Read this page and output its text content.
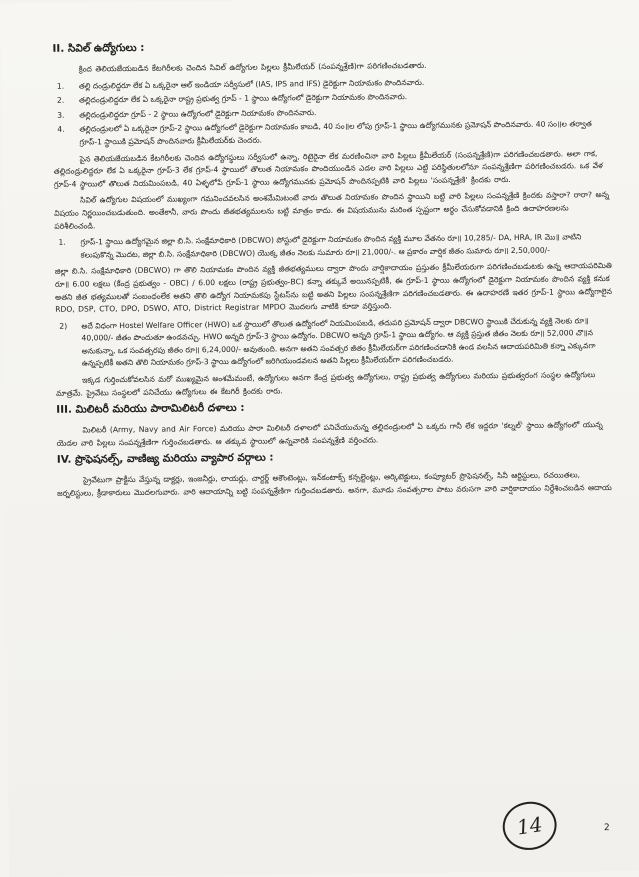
II. సివిల్ ఉద్యోగులు :

క్రింద తెలియజేయబడిన కేటగిరీలకు చెందిన సివిల్ ఉద్యోగుల పిల్లలు క్రీమీలేయర్ (సంపన్నశ్రేణి)గా పరిగణించబడతారు.

1. తల్లి దండ్రులిద్దరూ లేక ఏ ఒక్కరైనా ఆల్ ఇండియా సర్వీసులో (IAS, IPS and IFS) డైరెక్టుగా నియామకం పొందినవారు.
2. తల్లిదండ్రులిద్దరూ లేక ఏ ఒక్కరైనా రాష్ట్ర ప్రభుత్వ గ్రూప్ - 1 స్థాయి ఉద్యోగంలో డైరెక్టుగా నియామకం పొందినవారు.
3. తల్లిదండ్రులిద్దరూ గ్రూప్ - 2 స్థాయి ఉద్యోగంలో డైరెక్టుగా నియామకం పొందినవారు.
4. తల్లిదండ్రులలో ఏ ఒక్కరైనా గ్రూప్-2 స్థాయి ఉద్యోగంలో డైరెక్టుగా నియామకం కాబడి, 40 సం॥ల లోపు గ్రూప్-1 స్థాయి ఉద్యోగమునకు ప్రమోషన్ పొందినవారు. 40 సం॥ల తర్వాత గ్రూప్-1 స్థాయికి ప్రమోషన్ పొందినవారు క్రీమీలేయర్‌కు చెందరు.

పైన తెలియజేయబడిన కేటగిరీలకు చెందిన ఉద్యోగస్థులు సర్వీసులో ఉన్నా, రిటైరైనా లేక మరణించినా వారి పిల్లలు క్రీమీలేయర్ (సంపన్నశ్రేణి)గా పరిగణించబడతారు. అలా గాక, తల్లిదండ్రులిద్దరూ లేక ఏ ఒక్కరైనా గ్రూప్-3 లేక గ్రూప్-4 స్థాయిలో తొలుత నియామకం పొందియుండిన ఎడల వారి పిల్లలు ఎట్టి పరిస్థితులలోనూ సంపన్నశ్రేణిగా పరిగణించబడరు. ఒక వేళ గ్రూప్-4 స్థాయిలో తొలుత నియమింపబడి, 40 ఏళ్ళలోపే గ్రూప్-1 స్థాయి ఉద్యోగమునకు ప్రమోషన్ పొందినప్పటికి వారి పిల్లలు 'సంపన్నశ్రేణి' క్రిందకు రారు.

సివిల్ ఉద్యోగుల విషయంలో ముఖ్యంగా గమనించవలసిన అంశమేమిటంటే వారు తొలుత నియామకం పొందిన స్థాయిని బట్టి వారి పిల్లలు సంపన్నశ్రేణి క్రిందకు వస్తారా? రారా? అన్న విషయం నిర్ణయించబడుతుంది. అంతేకానీ, వారు పొందు జీతభత్యములను బట్టి మాత్రం కాదు. ఈ విషయమును మరింత స్పష్టంగా అర్థం చేసుకోవడానికి క్రింది ఉదాహరణలను పరిశీలించండి.

1. గ్రూప్-1 స్థాయి ఉద్యోగమైన జిల్లా బి.సి. సంక్షేమాధికారి (DBCWO) పోస్టులో డైరెక్టుగా నియామకం పొందిన వ్యక్తి మూల వేతనం రూ॥ 10,285/- DA, HRA, IR మొ॥ వాటిని కలుపుకొన్న మొదట, జిల్లా బి.సి. సంక్షేమాధికారి (DBCWO) యొక్క జీతం నెలకు సుమారు రూ॥ 21,000/-. ఆ ప్రకారం వార్షిక జీతం సుమారు రూ॥ 2,50,000/-

జిల్లా బి.సి. సంక్షేమాధికారి (DBCWO) గా తొలి నియామకం పొందిన వ్యక్తి జీతభత్యములు ద్వారా పొందు వార్షికాదాయం ప్రస్తుతం క్రీమీలేయరుగా పరిగణించబడుటకు ఉన్న ఆదాయపరిమితి రూ॥ 6.00 లక్షలు (కేంద్ర ప్రభుత్వం - OBC) / 6.00 లక్షలు (రాష్ట్ర ప్రభుత్వం-BC) కన్నా తక్కువే అయినప్పటికీ, ఈ గ్రూప్-1 స్థాయి ఉద్యోగంలో డైరెక్టుగా నియామకం పొందిన వ్యక్తి కనుక అతని జీత భత్యములతో సంబంధంలేక అతని తొలి ఉద్యోగ నియామకపు స్టేటస్‌ను బట్టి అతని పిల్లలు సంపన్నశ్రేణిగా పరిగణించబడతారు. ఈ ఉదాహరణే ఇతర గ్రూప్-1 స్థాయి ఉద్యోగాలైన RDO, DSP, CTO, DPO, DSWO, ATO, District Registrar MPDO మొదలగు వాటికి కూడా వర్తిస్తుంది.

2) అదే విధంగా Hostel Welfare Officer (HWO) ఒక స్థాయిలో తొలుత ఉద్యోగంలో నియమింపబడి, తదుపరి ప్రమోషన్ ద్వారా DBCWO స్థాయికి చేరుకున్న వ్యక్తి నెలకు రూ॥ 40,000/- జీతం పొందుతూ ఉండవచ్చు. HWO అన్నది గ్రూప్-3 స్థాయి ఉద్యోగం. DBCWO అన్నది గ్రూప్-1 స్థాయి ఉద్యోగం. ఆ వ్యక్తి ప్రస్తుత జీతం నెలకు రూ॥ 52,000 చొ॥న అనుకున్నా, ఒక సంవత్సరపు జీతం రూ॥ 6,24,000/- అవుతుంది. అనగా అతని సంవత్సర జీతం క్రీమీలేయర్‌గా పరిగణించడానికి ఉండ వలసిన ఆదాయపరిమితి కన్నా ఎక్కువగా ఉన్నప్పటికీ అతని తొలి నియామకం గ్రూప్-3 స్థాయి ఉద్యోగంలో జరిగియుండవలన అతని పిల్లలు క్రీమీలేయర్‌గా పరిగణించబడరు.

ఇక్కడ గుర్తించుకోవలసిన మరో ముఖ్యమైన అంశమేమంటే, ఉద్యోగులు అనగా కేంద్ర ప్రభుత్వ ఉద్యోగులు, రాష్ట్ర ప్రభుత్వ ఉద్యోగులు మరియు ప్రభుత్వరంగ సంస్థల ఉద్యోగులు మాత్రమే. ప్రైవేటు సంస్థలలో పనిచేయు ఉద్యోగులు ఈ కేటగిరీ క్రిందకు రారు.

III. మిలిటరీ మరియు పారామిలిటరీ దళాలు :

మిలిటరీ (Army, Navy and Air Force) మరియు పారా మిలిటరీ దళాలలో పనిచేయుచున్న తల్లిదండ్రులలో ఏ ఒక్కరు గానీ లేక ఇద్దరూ 'కల్నల్' స్థాయి ఉద్యోగంలో యున్న యెడల వారి పిల్లలు సంపన్నశ్రేణిగా గుర్తించబడతారు. ఆ తక్కువ స్థాయిలో ఉన్నవారికి సంపన్నశ్రేణి వర్తించదు.

IV. ప్రొఫెషనల్స్, వాణిజ్య మరియు వ్యాపార వర్గాలు :

ప్రైవేటుగా ప్రాక్టీసు వేస్తున్న డాక్టర్లు, ఇంజనీర్లు, లాయర్లు, చార్టర్డ్ అకౌంటెంట్లు, ఇన్‌కంటాక్స్ కన్సల్టెంట్లు, ఆర్కిటెక్టులు, కంప్యూటర్ ప్రొఫెషనల్స్, సినీ ఆర్టిస్టులు, రచయితలు, జర్నలిస్టులు, క్రీడాకారులు మొదలగువారు. వారి ఆదాయాన్ని బట్టి సంపన్నశ్రేణిగా గుర్తించబడతారు. అనగా, మూడు సంవత్సరాల పాటు వరుసగా వారి వార్షికాదాయం నిర్దేశించబడిన ఆదాయ

14	2
